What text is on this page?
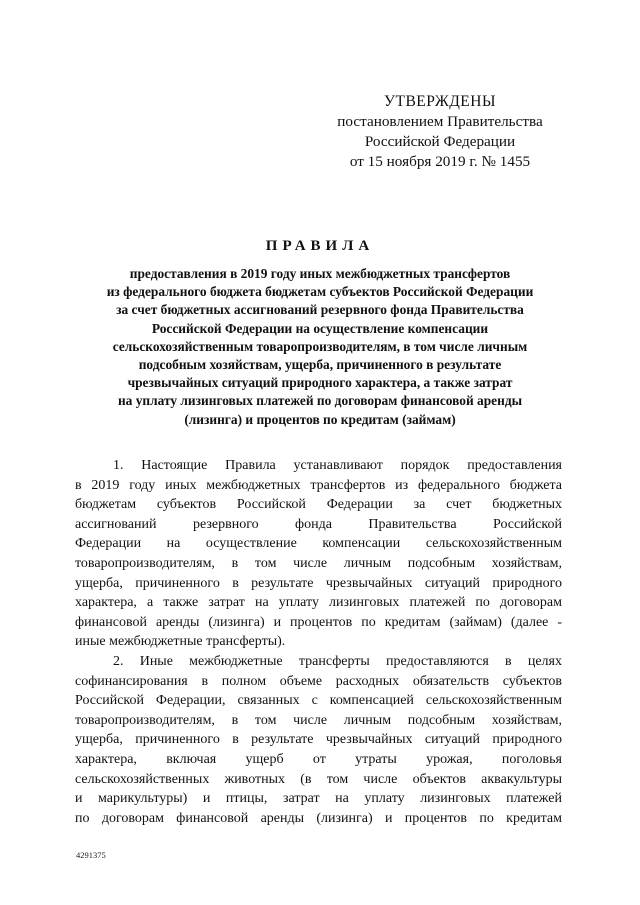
УТВЕРЖДЕНЫ
постановлением Правительства
Российской Федерации
от 15 ноября 2019 г. № 1455
ПРАВИЛА
предоставления в 2019 году иных межбюджетных трансфертов
из федерального бюджета бюджетам субъектов Российской Федерации
за счет бюджетных ассигнований резервного фонда Правительства
Российской Федерации на осуществление компенсации
сельскохозяйственным товаропроизводителям, в том числе личным
подсобным хозяйствам, ущерба, причиненного в результате
чрезвычайных ситуаций природного характера, а также затрат
на уплату лизинговых платежей по договорам финансовой аренды
(лизинга) и процентов по кредитам (займам)

1. Настоящие Правила устанавливают порядок предоставления
в 2019 году иных межбюджетных трансфертов из федерального бюджета
бюджетам субъектов Российской Федерации за счет бюджетных
ассигнований резервного фонда Правительства Российской
Федерации на осуществление компенсации сельскохозяйственным
товаропроизводителям, в том числе личным подсобным хозяйствам,
ущерба, причиненного в результате чрезвычайных ситуаций природного
характера, а также затрат на уплату лизинговых платежей по договорам
финансовой аренды (лизинга) и процентов по кредитам (займам) (далее -
иные межбюджетные трансферты).

2. Иные межбюджетные трансферты предоставляются в целях
софинансирования в полном объеме расходных обязательств субъектов
Российской Федерации, связанных с компенсацией сельскохозяйственным
товаропроизводителям, в том числе личным подсобным хозяйствам,
ущерба, причиненного в результате чрезвычайных ситуаций природного
характера, включая ущерб от утраты урожая, поголовья
сельскохозяйственных животных (в том числе объектов аквакультуры
и марикультуры) и птицы, затрат на уплату лизинговых платежей
по договорам финансовой аренды (лизинга) и процентов по кредитам

4291375
